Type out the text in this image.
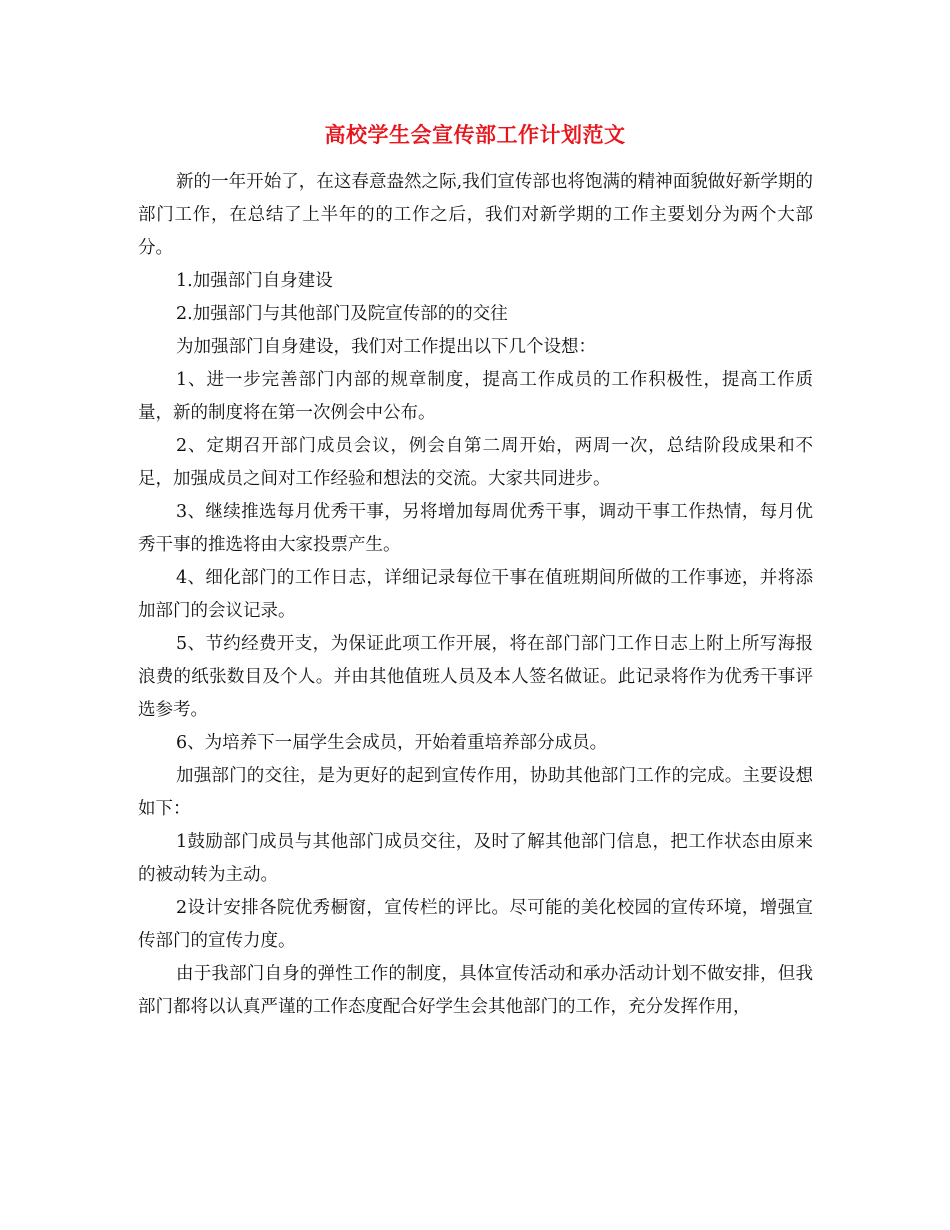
高校学生会宣传部工作计划范文

新的一年开始了，在这春意盎然之际,我们宣传部也将饱满的精神面貌做好新学期的部门工作，在总结了上半年的的工作之后，我们对新学期的工作主要划分为两个大部分。

1.加强部门自身建设

2.加强部门与其他部门及院宣传部的的交往

为加强部门自身建设，我们对工作提出以下几个设想：

1、进一步完善部门内部的规章制度，提高工作成员的工作积极性，提高工作质量，新的制度将在第一次例会中公布。

2、定期召开部门成员会议，例会自第二周开始，两周一次，总结阶段成果和不足，加强成员之间对工作经验和想法的交流。大家共同进步。

3、继续推选每月优秀干事，另将增加每周优秀干事，调动干事工作热情，每月优秀干事的推选将由大家投票产生。

4、细化部门的工作日志，详细记录每位干事在值班期间所做的工作事迹，并将添加部门的会议记录。

5、节约经费开支，为保证此项工作开展，将在部门部门工作日志上附上所写海报浪费的纸张数目及个人。并由其他值班人员及本人签名做证。此记录将作为优秀干事评选参考。

6、为培养下一届学生会成员，开始着重培养部分成员。

加强部门的交往，是为更好的起到宣传作用，协助其他部门工作的完成。主要设想如下：

1鼓励部门成员与其他部门成员交往，及时了解其他部门信息，把工作状态由原来的被动转为主动。

2设计安排各院优秀橱窗，宣传栏的评比。尽可能的美化校园的宣传环境，增强宣传部门的宣传力度。

由于我部门自身的弹性工作的制度，具体宣传活动和承办活动计划不做安排，但我部门都将以认真严谨的工作态度配合好学生会其他部门的工作，充分发挥作用，
